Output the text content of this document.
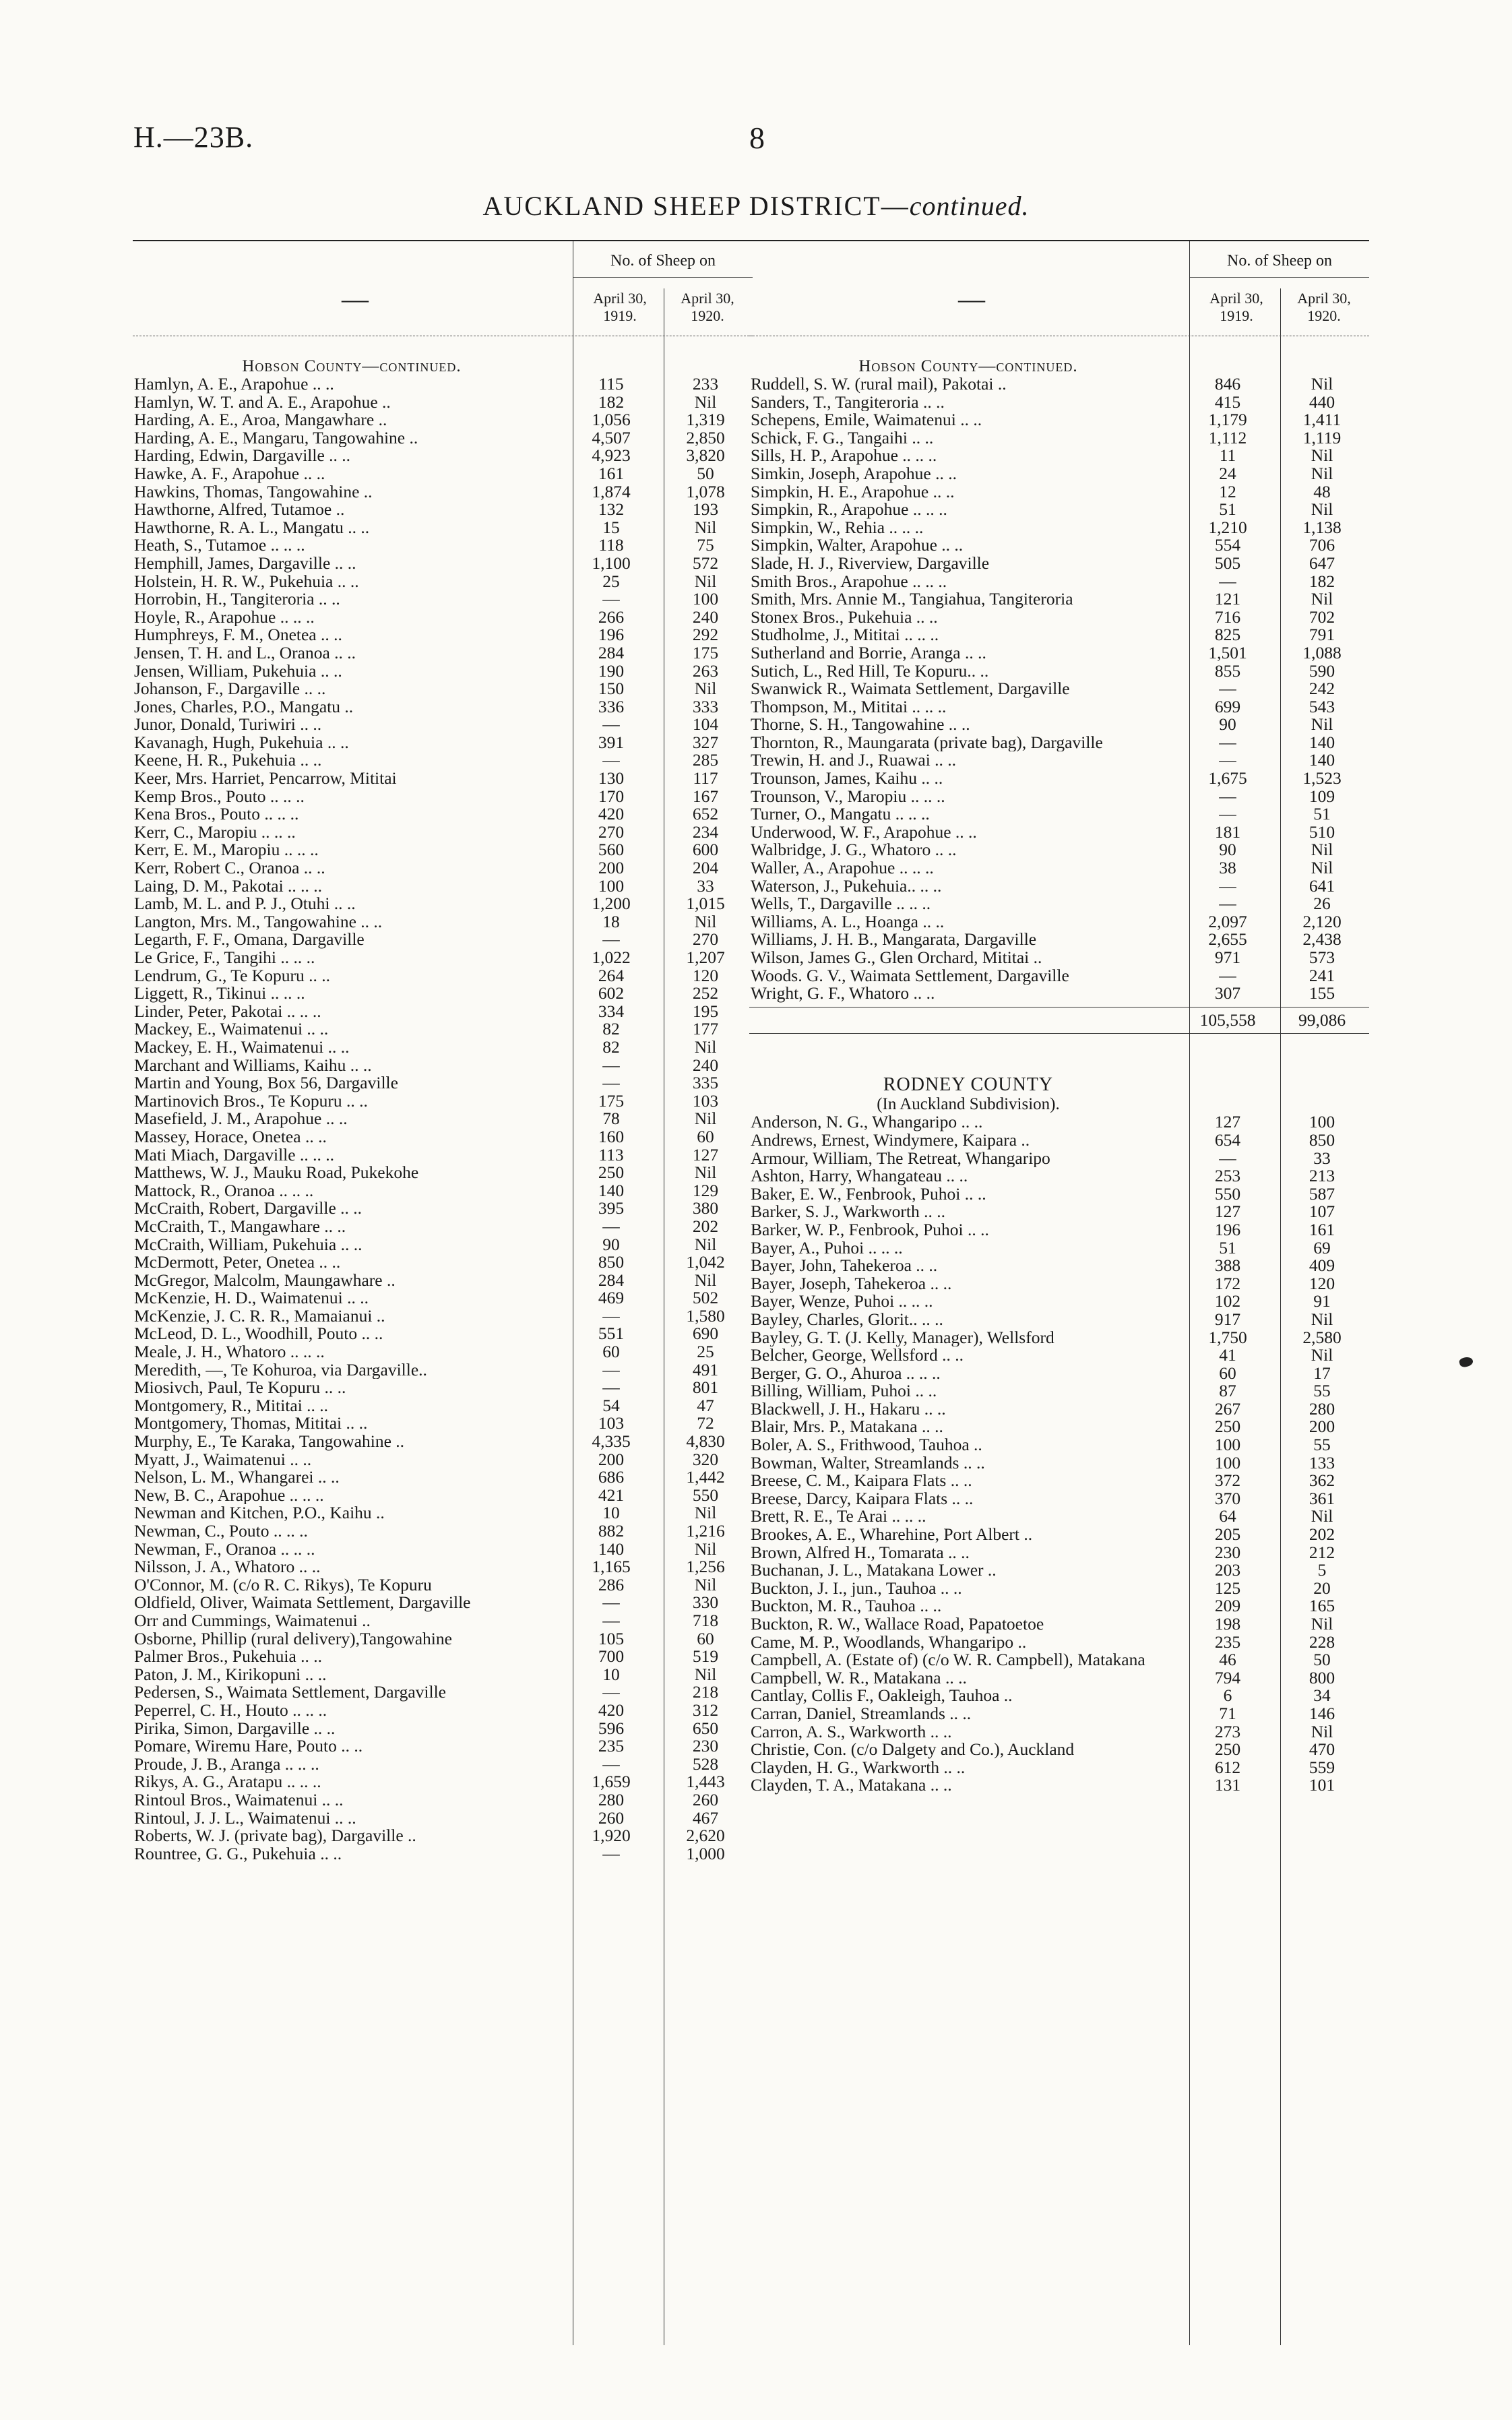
H.—23B.	8
AUCKLAND SHEEP DISTRICT—continued.
—
No. of Sheep on
April 30, 1919.
April 30, 1920.
Hobson County—continued.
Hamlyn, A. E., Arapohue .. ..	115	233
Hamlyn, W. T. and A. E., Arapohue ..	182	Nil
Harding, A. E., Aroa, Mangawhare ..	1,056	1,319
Harding, A. E., Mangaru, Tangowahine ..	4,507	2,850
Harding, Edwin, Dargaville .. ..	4,923	3,820
Hawke, A. F., Arapohue .. ..	161	50
Hawkins, Thomas, Tangowahine ..	1,874	1,078
Hawthorne, Alfred, Tutamoe ..	132	193
Hawthorne, R. A. L., Mangatu .. ..	15	Nil
Heath, S., Tutamoe .. .. ..	118	75
Hemphill, James, Dargaville .. ..	1,100	572
Holstein, H. R. W., Pukehuia .. ..	25	Nil
Horrobin, H., Tangiteroria .. ..	—	100
Hoyle, R., Arapohue .. .. ..	266	240
Humphreys, F. M., Onetea .. ..	196	292
Jensen, T. H. and L., Oranoa .. ..	284	175
Jensen, William, Pukehuia .. ..	190	263
Johanson, F., Dargaville .. ..	150	Nil
Jones, Charles, P.O., Mangatu ..	336	333
Junor, Donald, Turiwiri .. ..	—	104
Kavanagh, Hugh, Pukehuia .. ..	391	327
Keene, H. R., Pukehuia .. ..	—	285
Keer, Mrs. Harriet, Pencarrow, Mititai	130	117
Kemp Bros., Pouto .. .. ..	170	167
Kena Bros., Pouto .. .. ..	420	652
Kerr, C., Maropiu .. .. ..	270	234
Kerr, E. M., Maropiu .. .. ..	560	600
Kerr, Robert C., Oranoa .. ..	200	204
Laing, D. M., Pakotai .. .. ..	100	33
Lamb, M. L. and P. J., Otuhi .. ..	1,200	1,015
Langton, Mrs. M., Tangowahine .. ..	18	Nil
Legarth, F. F., Omana, Dargaville	—	270
Le Grice, F., Tangihi .. .. ..	1,022	1,207
Lendrum, G., Te Kopuru .. ..	264	120
Liggett, R., Tikinui .. .. ..	602	252
Linder, Peter, Pakotai .. .. ..	334	195
Mackey, E., Waimatenui .. ..	82	177
Mackey, E. H., Waimatenui .. ..	82	Nil
Marchant and Williams, Kaihu .. ..	—	240
Martin and Young, Box 56, Dargaville	—	335
Martinovich Bros., Te Kopuru .. ..	175	103
Masefield, J. M., Arapohue .. ..	78	Nil
Massey, Horace, Onetea .. ..	160	60
Mati Miach, Dargaville .. .. ..	113	127
Matthews, W. J., Mauku Road, Pukekohe	250	Nil
Mattock, R., Oranoa .. .. ..	140	129
McCraith, Robert, Dargaville .. ..	395	380
McCraith, T., Mangawhare .. ..	—	202
McCraith, William, Pukehuia .. ..	90	Nil
McDermott, Peter, Onetea .. ..	850	1,042
McGregor, Malcolm, Maungawhare ..	284	Nil
McKenzie, H. D., Waimatenui .. ..	469	502
McKenzie, J. C. R. R., Mamaianui ..	—	1,580
McLeod, D. L., Woodhill, Pouto .. ..	551	690
Meale, J. H., Whatoro .. .. ..	60	25
Meredith, —, Te Kohuroa, via Dargaville..	—	491
Miosivch, Paul, Te Kopuru .. ..	—	801
Montgomery, R., Mititai .. ..	54	47
Montgomery, Thomas, Mititai .. ..	103	72
Murphy, E., Te Karaka, Tangowahine ..	4,335	4,830
Myatt, J., Waimatenui .. ..	200	320
Nelson, L. M., Whangarei .. ..	686	1,442
New, B. C., Arapohue .. .. ..	421	550
Newman and Kitchen, P.O., Kaihu ..	10	Nil
Newman, C., Pouto .. .. ..	882	1,216
Newman, F., Oranoa .. .. ..	140	Nil
Nilsson, J. A., Whatoro .. ..	1,165	1,256
O'Connor, M. (c/o R. C. Rikys), Te Kopuru	286	Nil
Oldfield, Oliver, Waimata Settlement, Dargaville	—	330
Orr and Cummings, Waimatenui ..	—	718
Osborne, Phillip (rural delivery),Tangowahine	105	60
Palmer Bros., Pukehuia .. ..	700	519
Paton, J. M., Kirikopuni .. ..	10	Nil
Pedersen, S., Waimata Settlement, Dargaville	—	218
Peperrel, C. H., Houto .. .. ..	420	312
Pirika, Simon, Dargaville .. ..	596	650
Pomare, Wiremu Hare, Pouto .. ..	235	230
Proude, J. B., Aranga .. .. ..	—	528
Rikys, A. G., Aratapu .. .. ..	1,659	1,443
Rintoul Bros., Waimatenui .. ..	280	260
Rintoul, J. J. L., Waimatenui .. ..	260	467
Roberts, W. J. (private bag), Dargaville ..	1,920	2,620
Rountree, G. G., Pukehuia .. ..	—	1,000
—
No. of Sheep on
April 30, 1919.
April 30, 1920.
Hobson County—continued.
Ruddell, S. W. (rural mail), Pakotai ..	846	Nil
Sanders, T., Tangiteroria .. ..	415	440
Schepens, Emile, Waimatenui .. ..	1,179	1,411
Schick, F. G., Tangaihi .. ..	1,112	1,119
Sills, H. P., Arapohue .. .. ..	11	Nil
Simkin, Joseph, Arapohue .. ..	24	Nil
Simpkin, H. E., Arapohue .. ..	12	48
Simpkin, R., Arapohue .. .. ..	51	Nil
Simpkin, W., Rehia .. .. ..	1,210	1,138
Simpkin, Walter, Arapohue .. ..	554	706
Slade, H. J., Riverview, Dargaville	505	647
Smith Bros., Arapohue .. .. ..	—	182
Smith, Mrs. Annie M., Tangiahua, Tangiteroria	121	Nil
Stonex Bros., Pukehuia .. ..	716	702
Studholme, J., Mititai .. .. ..	825	791
Sutherland and Borrie, Aranga .. ..	1,501	1,088
Sutich, L., Red Hill, Te Kopuru.. ..	855	590
Swanwick R., Waimata Settlement, Dargaville	—	242
Thompson, M., Mititai .. .. ..	699	543
Thorne, S. H., Tangowahine .. ..	90	Nil
Thornton, R., Maungarata (private bag), Dargaville	—	140
Trewin, H. and J., Ruawai .. ..	—	140
Trounson, James, Kaihu .. ..	1,675	1,523
Trounson, V., Maropiu .. .. ..	—	109
Turner, O., Mangatu .. .. ..	—	51
Underwood, W. F., Arapohue .. ..	181	510
Walbridge, J. G., Whatoro .. ..	90	Nil
Waller, A., Arapohue .. .. ..	38	Nil
Waterson, J., Pukehuia.. .. ..	—	641
Wells, T., Dargaville .. .. ..	—	26
Williams, A. L., Hoanga .. ..	2,097	2,120
Williams, J. H. B., Mangarata, Dargaville	2,655	2,438
Wilson, James G., Glen Orchard, Mititai ..	971	573
Woods. G. V., Waimata Settlement, Dargaville	—	241
Wright, G. F., Whatoro .. ..	307	155
105,558	99,086
RODNEY COUNTY
(In Auckland Subdivision).
Anderson, N. G., Whangaripo .. ..	127	100
Andrews, Ernest, Windymere, Kaipara ..	654	850
Armour, William, The Retreat, Whangaripo	—	33
Ashton, Harry, Whangateau .. ..	253	213
Baker, E. W., Fenbrook, Puhoi .. ..	550	587
Barker, S. J., Warkworth .. ..	127	107
Barker, W. P., Fenbrook, Puhoi .. ..	196	161
Bayer, A., Puhoi .. .. ..	51	69
Bayer, John, Tahekeroa .. ..	388	409
Bayer, Joseph, Tahekeroa .. ..	172	120
Bayer, Wenze, Puhoi .. .. ..	102	91
Bayley, Charles, Glorit.. .. ..	917	Nil
Bayley, G. T. (J. Kelly, Manager), Wellsford	1,750	2,580
Belcher, George, Wellsford .. ..	41	Nil
Berger, G. O., Ahuroa .. .. ..	60	17
Billing, William, Puhoi .. ..	87	55
Blackwell, J. H., Hakaru .. ..	267	280
Blair, Mrs. P., Matakana .. ..	250	200
Boler, A. S., Frithwood, Tauhoa ..	100	55
Bowman, Walter, Streamlands .. ..	100	133
Breese, C. M., Kaipara Flats .. ..	372	362
Breese, Darcy, Kaipara Flats .. ..	370	361
Brett, R. E., Te Arai .. .. ..	64	Nil
Brookes, A. E., Wharehine, Port Albert ..	205	202
Brown, Alfred H., Tomarata .. ..	230	212
Buchanan, J. L., Matakana Lower ..	203	5
Buckton, J. I., jun., Tauhoa .. ..	125	20
Buckton, M. R., Tauhoa .. ..	209	165
Buckton, R. W., Wallace Road, Papatoetoe	198	Nil
Came, M. P., Woodlands, Whangaripo ..	235	228
Campbell, A. (Estate of) (c/o W. R. Campbell), Matakana	46	50
Campbell, W. R., Matakana .. ..	794	800
Cantlay, Collis F., Oakleigh, Tauhoa ..	6	34
Carran, Daniel, Streamlands .. ..	71	146
Carron, A. S., Warkworth .. ..	273	Nil
Christie, Con. (c/o Dalgety and Co.), Auckland	250	470
Clayden, H. G., Warkworth .. ..	612	559
Clayden, T. A., Matakana .. ..	131	101
